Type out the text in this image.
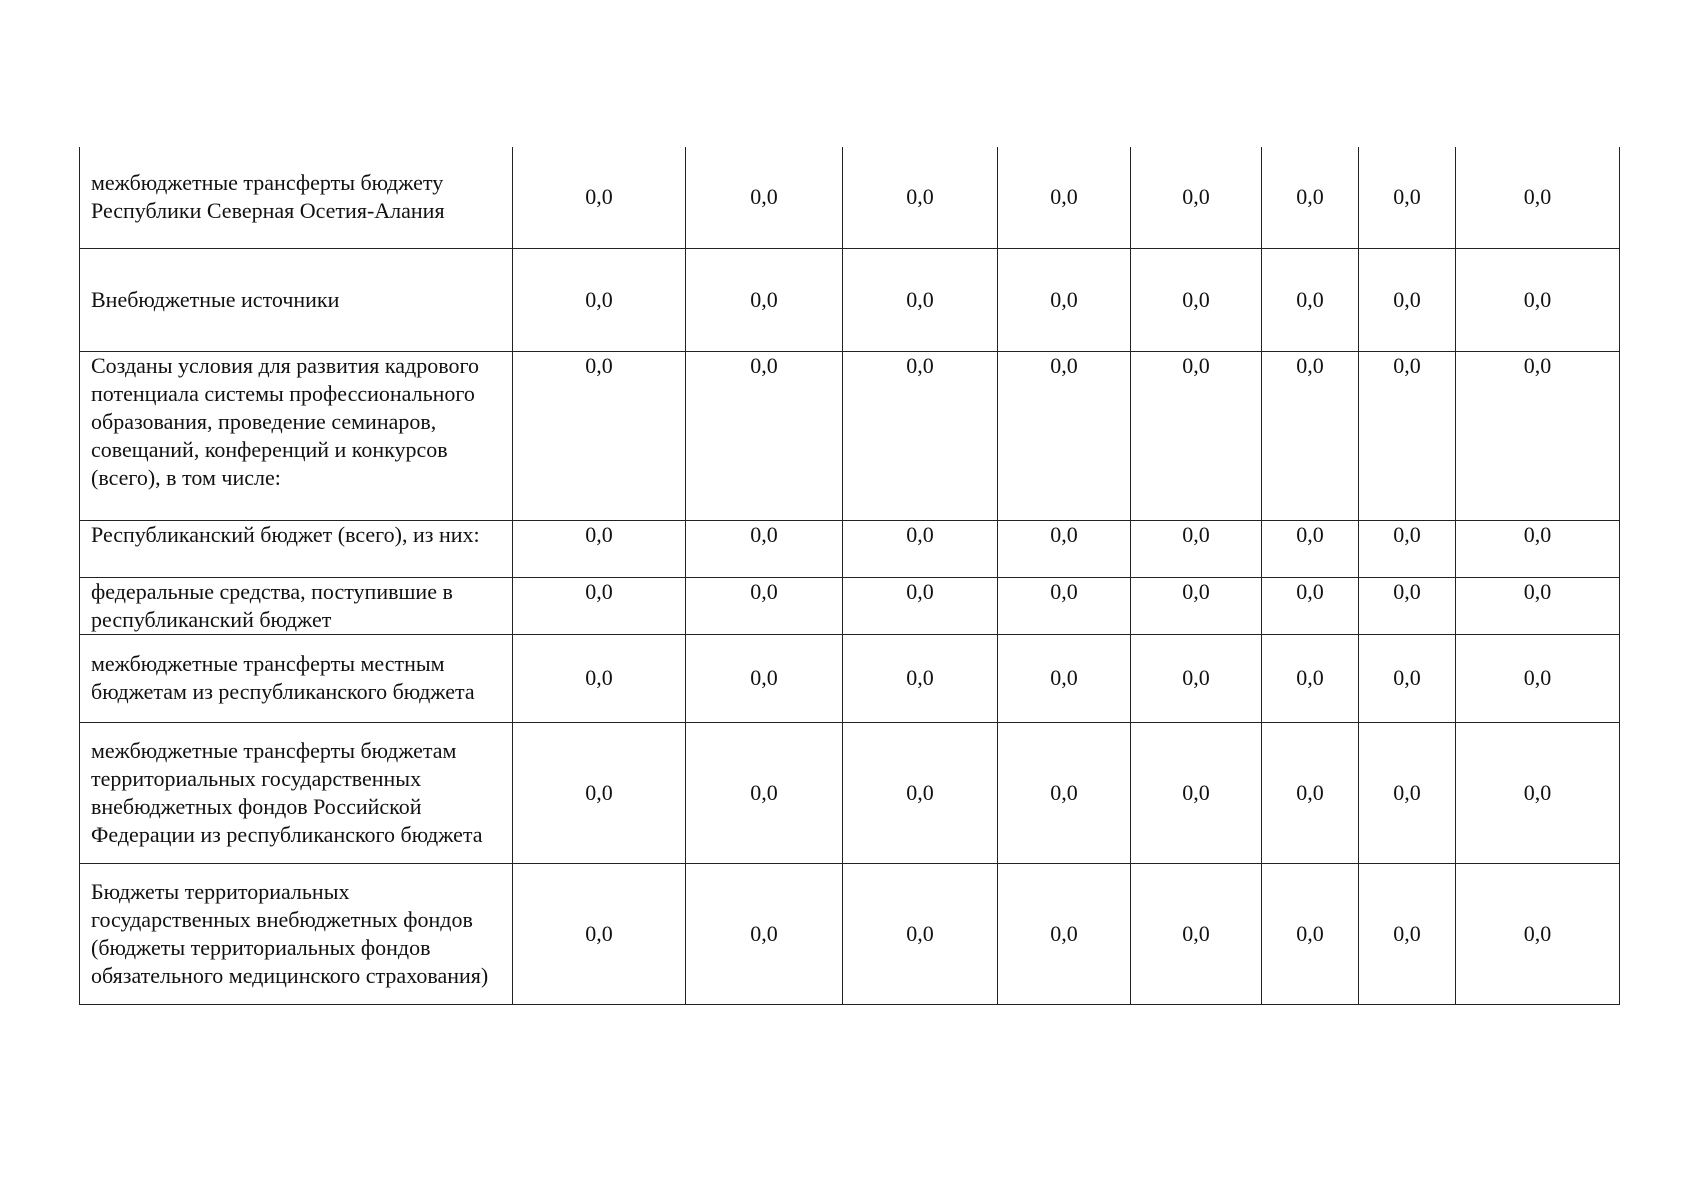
межбюджетные трансферты бюджету Республики Северная Осетия-Алания	0,0	0,0	0,0	0,0	0,0	0,0	0,0	0,0
Внебюджетные источники	0,0	0,0	0,0	0,0	0,0	0,0	0,0	0,0
Созданы условия для развития кадрового потенциала системы профессионального образования, проведение семинаров, совещаний, конференций и конкурсов (всего), в том числе:	0,0	0,0	0,0	0,0	0,0	0,0	0,0	0,0
Республиканский бюджет (всего), из них:	0,0	0,0	0,0	0,0	0,0	0,0	0,0	0,0
федеральные средства, поступившие в республиканский бюджет	0,0	0,0	0,0	0,0	0,0	0,0	0,0	0,0
межбюджетные трансферты местным бюджетам из республиканского бюджета	0,0	0,0	0,0	0,0	0,0	0,0	0,0	0,0
межбюджетные трансферты бюджетам территориальных государственных внебюджетных фондов Российской Федерации из республиканского бюджета	0,0	0,0	0,0	0,0	0,0	0,0	0,0	0,0
Бюджеты территориальных государственных внебюджетных фондов (бюджеты территориальных фондов обязательного медицинского страхования)	0,0	0,0	0,0	0,0	0,0	0,0	0,0	0,0
